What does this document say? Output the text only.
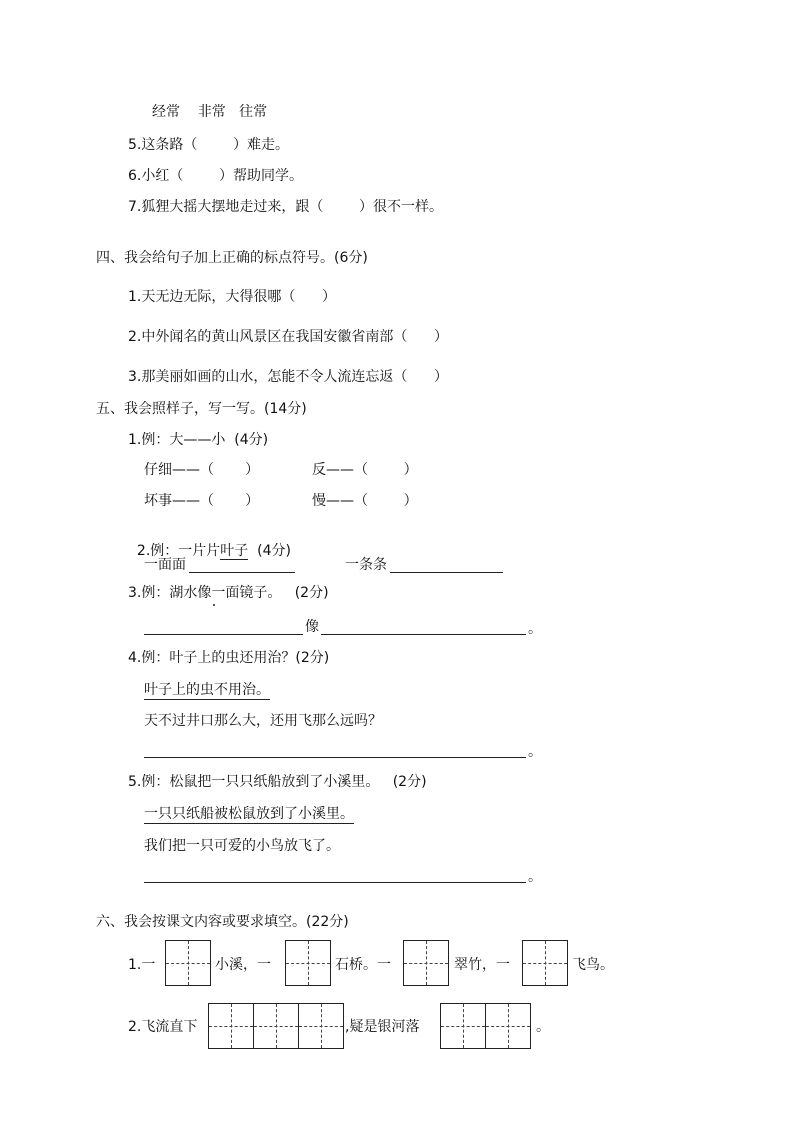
经常    非常   往常
5.这条路（        ）难走。
6.小红（        ）帮助同学。
7.狐狸大摇大摆地走过来，跟（        ）很不一样。
四、我会给句子加上正确的标点符号。(6分)
1.天无边无际，大得很哪（      ）
2.中外闻名的黄山风景区在我国安徽省南部（      ）
3.那美丽如画的山水，怎能不令人流连忘返（      ）
五、我会照样子，写一写。(14分)
1.例：大——小  (4分)
仔细——（       ）	反——（        ）
坏事——（       ）	慢——（        ）

2.例：一片片叶子 (4分)

一面面	一条条
3.例：湖水像一面镜子。   (2分)
像	。
4.例：叶子上的虫还用治？(2分)
叶子上的虫不用治。
天不过井口那么大，还用飞那么远吗？
。
5.例：松鼠把一只只纸船放到了小溪里。   (2分)
一只只纸船被松鼠放到了小溪里。
我们把一只可爱的小鸟放飞了。
。
六、我会按课文内容或要求填空。(22分)
1.一	小溪，一	石桥。一	翠竹，一	飞鸟。
2.飞流直下	,疑是银河落	。
